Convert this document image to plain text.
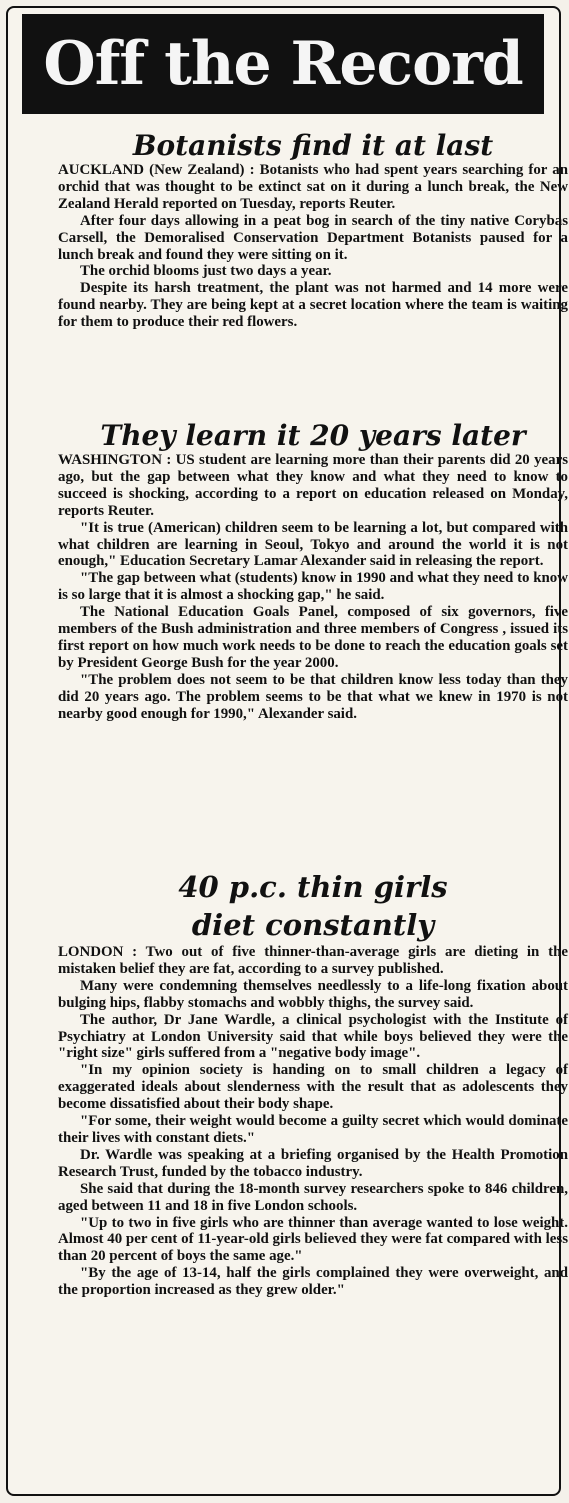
Off the Record
Botanists find it at last

AUCKLAND (New Zealand) : Botanists who had spent years searching for an orchid that was thought to be extinct sat on it during a lunch break, the New Zealand Herald reported on Tuesday, reports Reuter.

After four days allowing in a peat bog in search of the tiny native Corybas Carsell, the Demoralised Conservation Department Botanists paused for a lunch break and found they were sitting on it.

The orchid blooms just two days a year.

Despite its harsh treatment, the plant was not harmed and 14 more were found nearby. They are being kept at a secret location where the team is waiting for them to produce their red flowers.

They learn it 20 years later

WASHINGTON : US student are learning more than their parents did 20 years ago, but the gap between what they know and what they need to know to succeed is shocking, according to a report on education released on Monday, reports Reuter.

"It is true (American) children seem to be learning a lot, but compared with what children are learning in Seoul, Tokyo and around the world it is not enough," Education Secretary Lamar Alexander said in releasing the report.

"The gap between what (students) know in 1990 and what they need to know is so large that it is almost a shocking gap," he said.

The National Education Goals Panel, composed of six governors, five members of the Bush administration and three members of Congress , issued its first report on how much work needs to be done to reach the education goals set by President George Bush for the year 2000.

"The problem does not seem to be that children know less today than they did 20 years ago. The problem seems to be that what we knew in 1970 is not nearby good enough for 1990," Alexander said.

40 p.c. thin girls
diet constantly

LONDON : Two out of five thinner-than-average girls are dieting in the mistaken belief they are fat, according to a survey published.

Many were condemning themselves needlessly to a life-long fixation about bulging hips, flabby stomachs and wobbly thighs, the survey said.

The author, Dr Jane Wardle, a clinical psychologist with the Institute of Psychiatry at London University said that while boys believed they were the "right size" girls suffered from a "negative body image".

"In my opinion society is handing on to small children a legacy of exaggerated ideals about slenderness with the result that as adolescents they become dissatisfied about their body shape.

"For some, their weight would become a guilty secret which would dominate their lives with constant diets."

Dr. Wardle was speaking at a briefing organised by the Health Promotion Research Trust, funded by the tobacco industry.

She said that during the 18-month survey researchers spoke to 846 children, aged between 11 and 18 in five London schools.

"Up to two in five girls who are thinner than average wanted to lose weight. Almost 40 per cent of 11-year-old girls believed they were fat compared with less than 20 percent of boys the same age."

"By the age of 13-14, half the girls complained they were overweight, and the proportion increased as they grew older."
